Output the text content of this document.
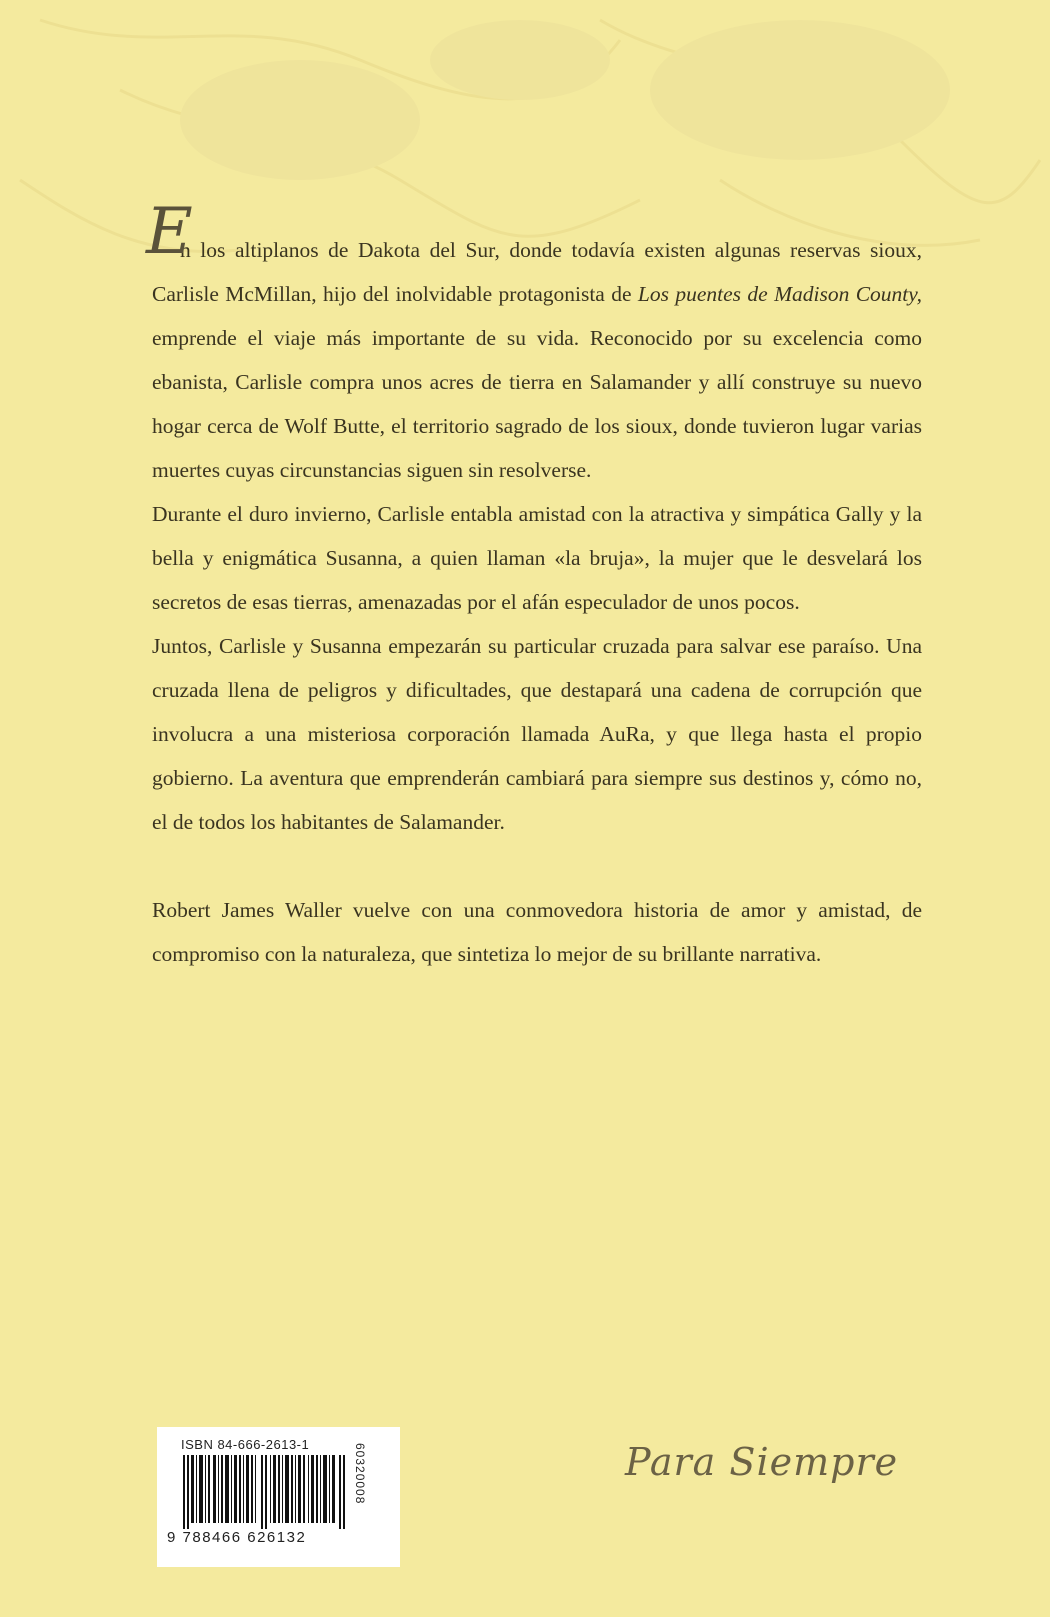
E
n los altiplanos de Dakota del Sur, donde todavía existen algunas reservas sioux, Carlisle McMillan, hijo del inolvidable protagonista de Los puentes de Madison County, emprende el viaje más importante de su vida. Reconocido por su excelencia como ebanista, Carlisle compra unos acres de tierra en Salamander y allí construye su nuevo hogar cerca de Wolf Butte, el territorio sagrado de los sioux, donde tuvieron lugar varias muertes cuyas circunstancias siguen sin resolverse.

Durante el duro invierno, Carlisle entabla amistad con la atractiva y simpática Gally y la bella y enigmática Susanna, a quien llaman «la bruja», la mujer que le desvelará los secretos de esas tierras, amenazadas por el afán especulador de unos pocos.

Juntos, Carlisle y Susanna empezarán su particular cruzada para salvar ese paraíso. Una cruzada llena de peligros y dificultades, que destapará una cadena de corrupción que involucra a una misteriosa corporación llamada AuRa, y que llega hasta el propio gobierno. La aventura que emprenderán cambiará para siempre sus destinos y, cómo no, el de todos los habitantes de Salamander.

Robert James Waller vuelve con una conmovedora historia de amor y amistad, de compromiso con la naturaleza, que sintetiza lo mejor de su brillante narrativa.

ISBN 84-666-2613-1
9 788466 626132
60320008	Para Siempre
